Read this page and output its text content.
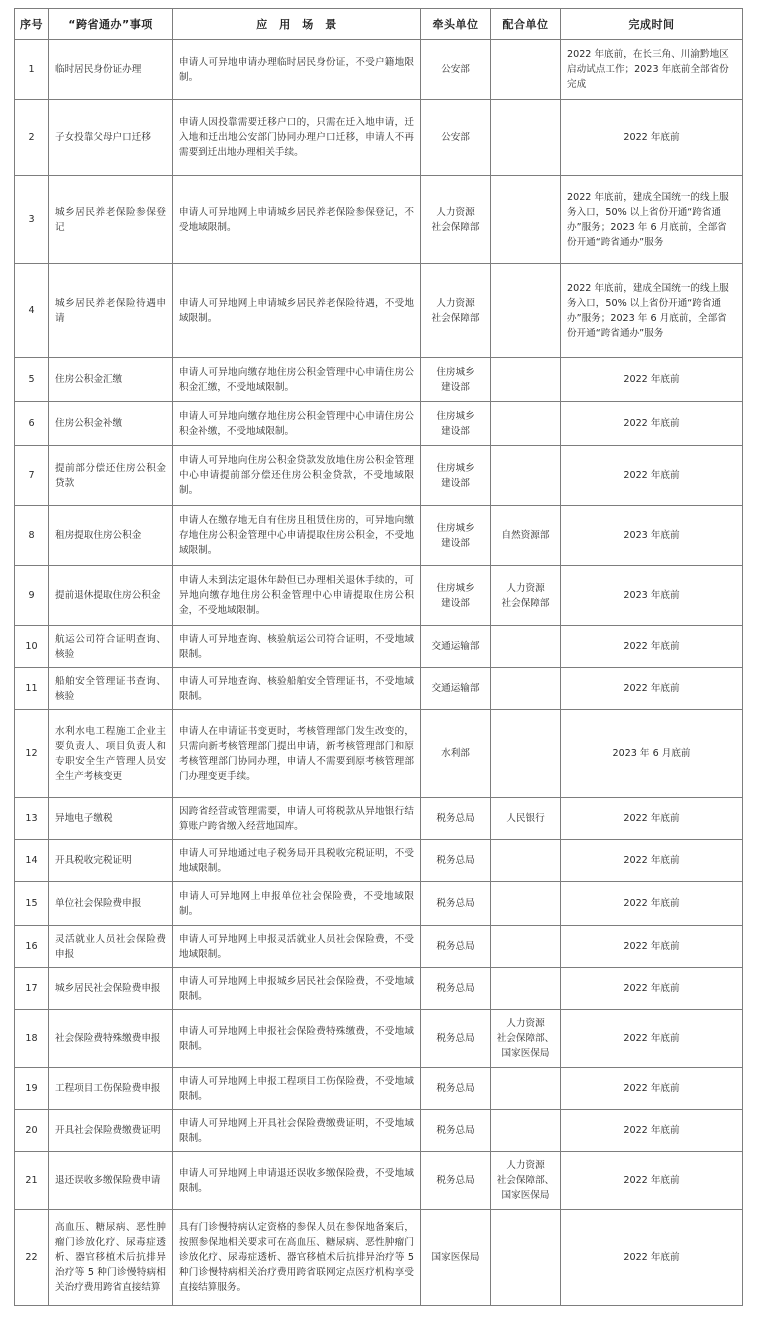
序号	“跨省通办”事项	应　用　场　景	牵头单位	配合单位	完成时间
1	临时居民身份证办理	申请人可异地申请办理临时居民身份证，不受户籍地限制。	公安部		2022 年底前，在长三角、川渝黔地区启动试点工作；2023 年底前全部省份完成
2	子女投靠父母户口迁移	申请人因投靠需要迁移户口的，只需在迁入地申请，迁入地和迁出地公安部门协同办理户口迁移，申请人不再需要到迁出地办理相关手续。	公安部		2022 年底前
3	城乡居民养老保险参保登记	申请人可异地网上申请城乡居民养老保险参保登记，不受地域限制。	人力资源
社会保障部		2022 年底前，建成全国统一的线上服务入口，50% 以上省份开通“跨省通办”服务；2023 年 6 月底前，全部省份开通“跨省通办”服务
4	城乡居民养老保险待遇申请	申请人可异地网上申请城乡居民养老保险待遇，不受地域限制。	人力资源
社会保障部		2022 年底前，建成全国统一的线上服务入口，50% 以上省份开通“跨省通办”服务；2023 年 6 月底前，全部省份开通“跨省通办”服务
5	住房公积金汇缴	申请人可异地向缴存地住房公积金管理中心申请住房公积金汇缴，不受地域限制。	住房城乡
建设部		2022 年底前
6	住房公积金补缴	申请人可异地向缴存地住房公积金管理中心申请住房公积金补缴，不受地域限制。	住房城乡
建设部		2022 年底前
7	提前部分偿还住房公积金贷款	申请人可异地向住房公积金贷款发放地住房公积金管理中心申请提前部分偿还住房公积金贷款，不受地域限制。	住房城乡
建设部		2022 年底前
8	租房提取住房公积金	申请人在缴存地无自有住房且租赁住房的，可异地向缴存地住房公积金管理中心申请提取住房公积金，不受地域限制。	住房城乡
建设部	自然资源部	2023 年底前
9	提前退休提取住房公积金	申请人未到法定退休年龄但已办理相关退休手续的，可异地向缴存地住房公积金管理中心申请提取住房公积金，不受地域限制。	住房城乡
建设部	人力资源
社会保障部	2023 年底前
10	航运公司符合证明查询、核验	申请人可异地查询、核验航运公司符合证明，不受地域限制。	交通运输部		2022 年底前
11	船舶安全管理证书查询、核验	申请人可异地查询、核验船舶安全管理证书，不受地域限制。	交通运输部		2022 年底前
12	水利水电工程施工企业主要负责人、项目负责人和专职安全生产管理人员安全生产考核变更	申请人在申请证书变更时，考核管理部门发生改变的，只需向新考核管理部门提出申请，新考核管理部门和原考核管理部门协同办理，申请人不需要到原考核管理部门办理变更手续。	水利部		2023 年 6 月底前
13	异地电子缴税	因跨省经营或管理需要，申请人可将税款从异地银行结算账户跨省缴入经营地国库。	税务总局	人民银行	2022 年底前
14	开具税收完税证明	申请人可异地通过电子税务局开具税收完税证明，不受地域限制。	税务总局		2022 年底前
15	单位社会保险费申报	申请人可异地网上申报单位社会保险费，不受地域限制。	税务总局		2022 年底前
16	灵活就业人员社会保险费申报	申请人可异地网上申报灵活就业人员社会保险费，不受地域限制。	税务总局		2022 年底前
17	城乡居民社会保险费申报	申请人可异地网上申报城乡居民社会保险费，不受地域限制。	税务总局		2022 年底前
18	社会保险费特殊缴费申报	申请人可异地网上申报社会保险费特殊缴费，不受地域限制。	税务总局	人力资源
社会保障部、
国家医保局	2022 年底前
19	工程项目工伤保险费申报	申请人可异地网上申报工程项目工伤保险费，不受地域限制。	税务总局		2022 年底前
20	开具社会保险费缴费证明	申请人可异地网上开具社会保险费缴费证明，不受地域限制。	税务总局		2022 年底前
21	退还误收多缴保险费申请	申请人可异地网上申请退还误收多缴保险费，不受地域限制。	税务总局	人力资源
社会保障部、
国家医保局	2022 年底前
22	高血压、糖尿病、恶性肿瘤门诊放化疗、尿毒症透析、器官移植术后抗排异治疗等 5 种门诊慢特病相关治疗费用跨省直接结算	具有门诊慢特病认定资格的参保人员在参保地备案后，按照参保地相关要求可在高血压、糖尿病、恶性肿瘤门诊放化疗、尿毒症透析、器官移植术后抗排异治疗等 5 种门诊慢特病相关治疗费用跨省联网定点医疗机构享受直接结算服务。	国家医保局		2022 年底前
